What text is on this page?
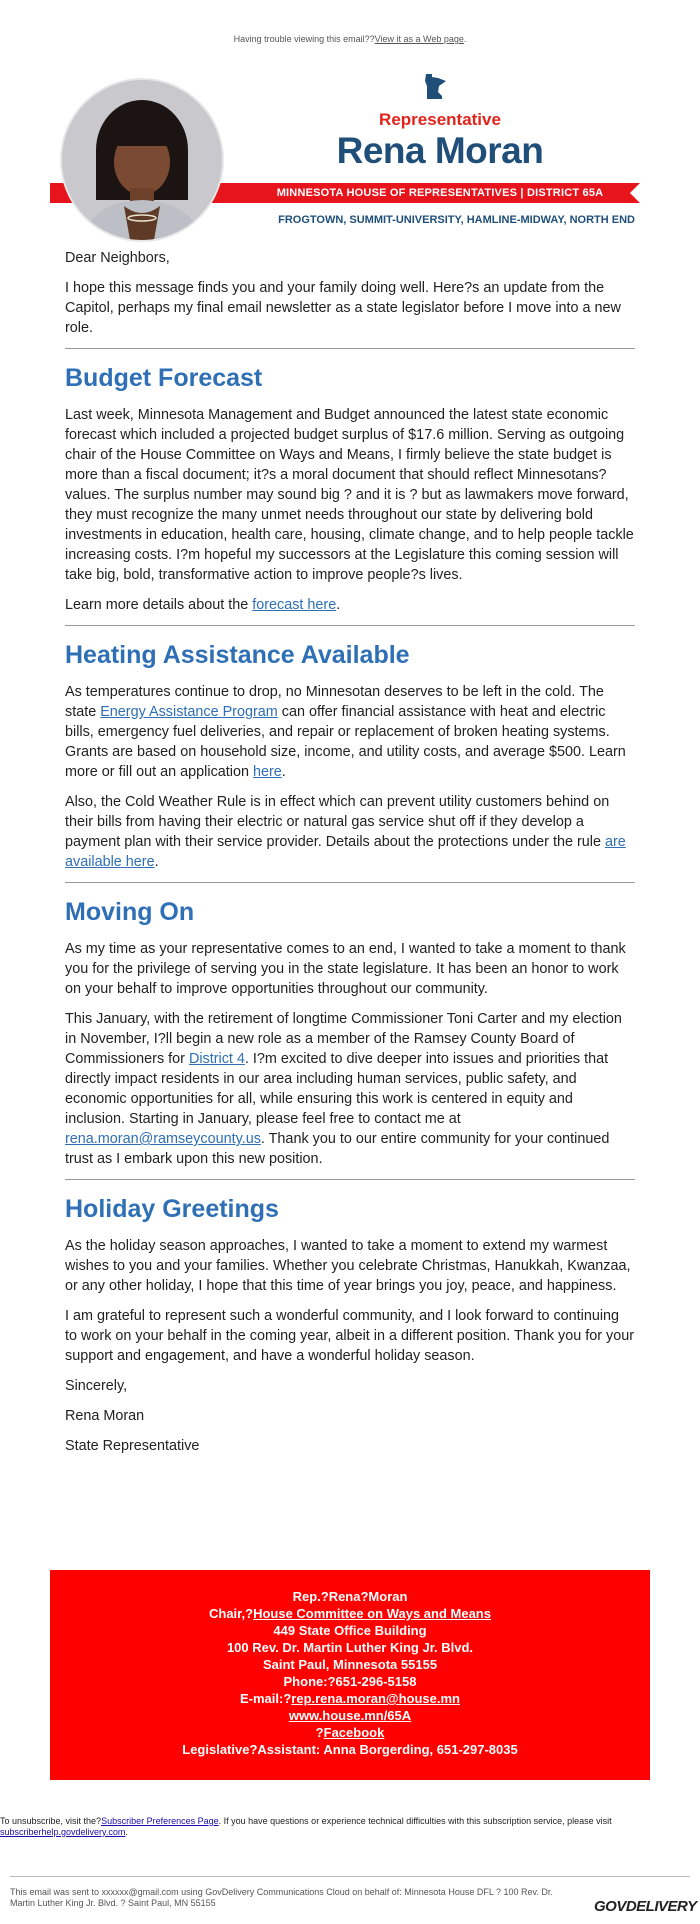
Having trouble viewing this email??View it as a Web page.
Representative
Rena Moran
MINNESOTA HOUSE OF REPRESENTATIVES | DISTRICT 65A
FROGTOWN, SUMMIT-UNIVERSITY, HAMLINE-MIDWAY, NORTH END

Dear Neighbors,

I hope this message finds you and your family doing well. Here?s an update from the Capitol, perhaps my final email newsletter as a state legislator before I move into a new role.

Budget Forecast

Last week, Minnesota Management and Budget announced the latest state economic forecast which included a projected budget surplus of $17.6 million. Serving as outgoing chair of the House Committee on Ways and Means, I firmly believe the state budget is more than a fiscal document; it?s a moral document that should reflect Minnesotans? values. The surplus number may sound big ? and it is ? but as lawmakers move forward, they must recognize the many unmet needs throughout our state by delivering bold investments in education, health care, housing, climate change, and to help people tackle increasing costs. I?m hopeful my successors at the Legislature this coming session will take big, bold, transformative action to improve people?s lives.

Learn more details about the forecast here.

Heating Assistance Available

As temperatures continue to drop, no Minnesotan deserves to be left in the cold. The state Energy Assistance Program can offer financial assistance with heat and electric bills, emergency fuel deliveries, and repair or replacement of broken heating systems. Grants are based on household size, income, and utility costs, and average $500. Learn more or fill out an application here.

Also, the Cold Weather Rule is in effect which can prevent utility customers behind on their bills from having their electric or natural gas service shut off if they develop a payment plan with their service provider. Details about the protections under the rule are available here.

Moving On

As my time as your representative comes to an end, I wanted to take a moment to thank you for the privilege of serving you in the state legislature. It has been an honor to work on your behalf to improve opportunities throughout our community.

This January, with the retirement of longtime Commissioner Toni Carter and my election in November, I?ll begin a new role as a member of the Ramsey County Board of Commissioners for District 4. I?m excited to dive deeper into issues and priorities that directly impact residents in our area including human services, public safety, and economic opportunities for all, while ensuring this work is centered in equity and inclusion. Starting in January, please feel free to contact me at rena.moran@ramseycounty.us. Thank you to our entire community for your continued trust as I embark upon this new position.

Holiday Greetings

As the holiday season approaches, I wanted to take a moment to extend my warmest wishes to you and your families. Whether you celebrate Christmas, Hanukkah, Kwanzaa, or any other holiday, I hope that this time of year brings you joy, peace, and happiness.

I am grateful to represent such a wonderful community, and I look forward to continuing to work on your behalf in the coming year, albeit in a different position. Thank you for your support and engagement, and have a wonderful holiday season.

Sincerely,

Rena Moran

State Representative

Rep.?Rena?Moran
Chair,?House Committee on Ways and Means
449 State Office Building
100 Rev. Dr. Martin Luther King Jr. Blvd.
Saint Paul, Minnesota 55155
Phone:?651-296-5158
E-mail:?rep.rena.moran@house.mn
www.house.mn/65A
?Facebook
Legislative?Assistant: Anna Borgerding, 651-297-8035
To unsubscribe, visit the?Subscriber Preferences Page. If you have questions or experience technical difficulties with this subscription service, please visit subscriberhelp.govdelivery.com.
This email was sent to xxxxxx@gmail.com using GovDelivery Communications Cloud on behalf of: Minnesota House DFL ? 100 Rev. Dr. Martin Luther King Jr. Blvd. ? Saint Paul, MN 55155	GOVDELIVERY
